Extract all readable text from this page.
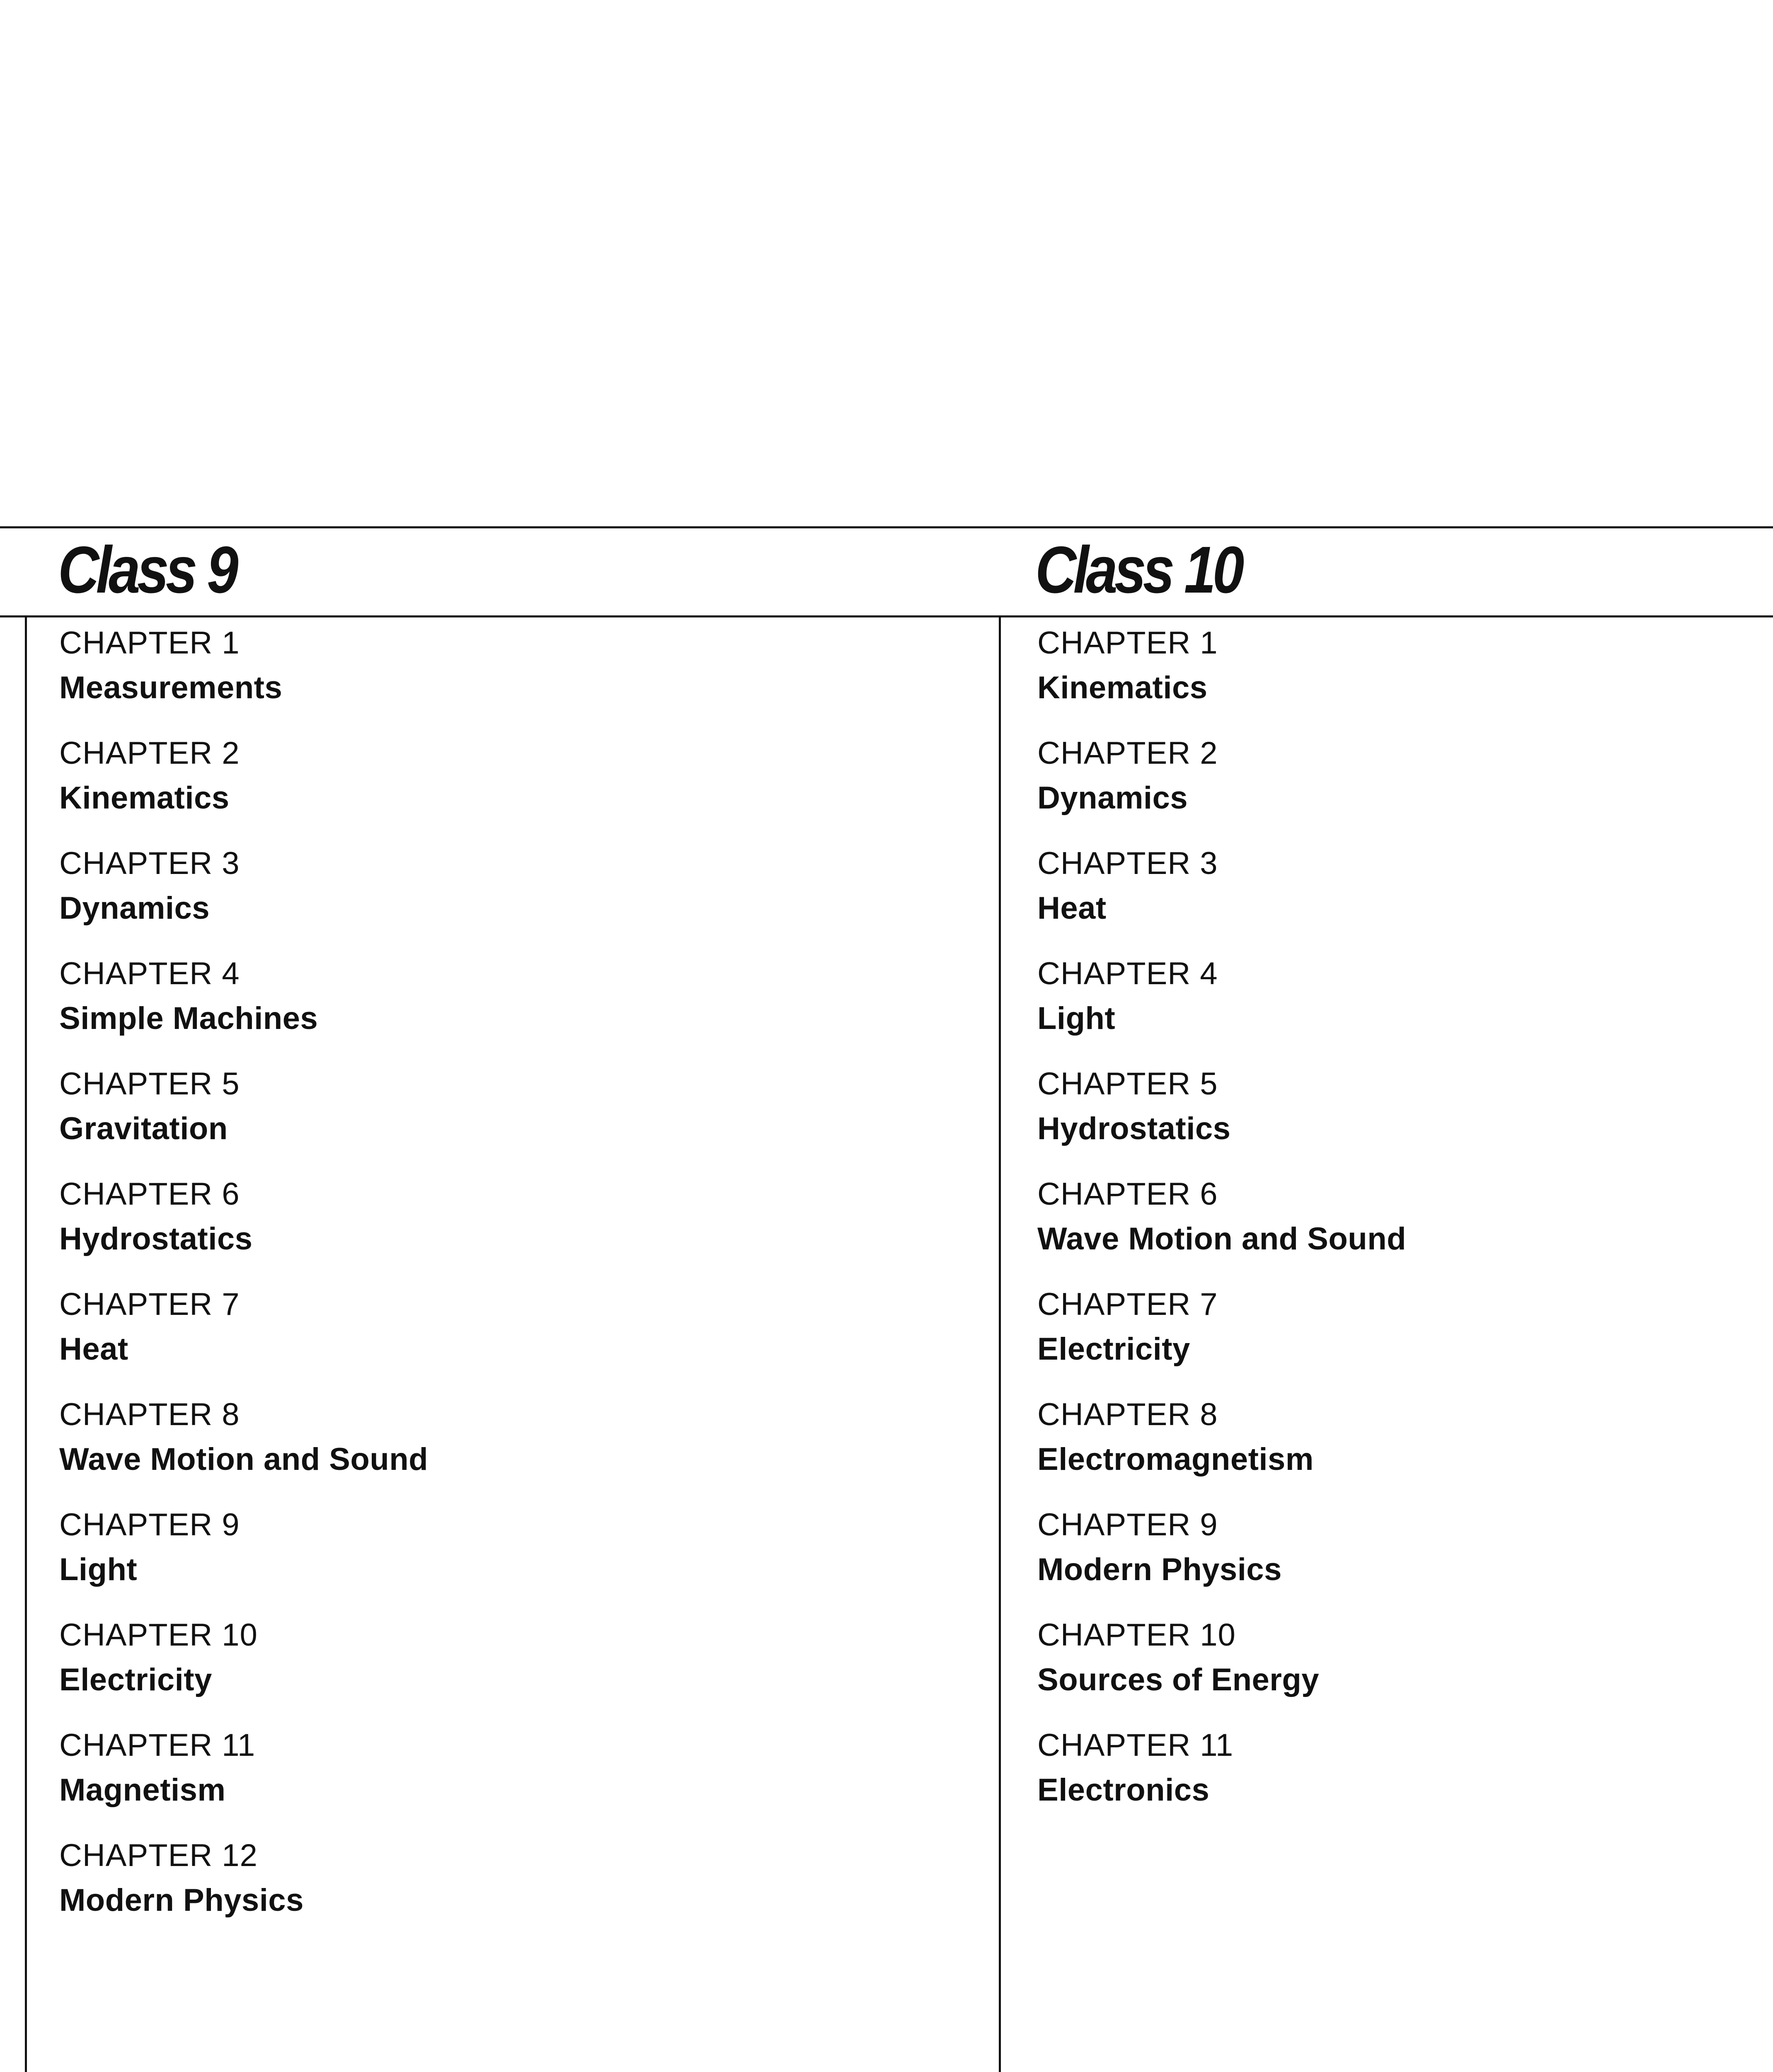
Class 9	Class 10
CHAPTER 1
Measurements
CHAPTER 2
Kinematics
CHAPTER 3
Dynamics
CHAPTER 4
Simple Machines
CHAPTER 5
Gravitation
CHAPTER 6
Hydrostatics
CHAPTER 7
Heat
CHAPTER 8
Wave Motion and Sound
CHAPTER 9
Light
CHAPTER 10
Electricity
CHAPTER 11
Magnetism
CHAPTER 12
Modern Physics
CHAPTER 1
Kinematics
CHAPTER 2
Dynamics
CHAPTER 3
Heat
CHAPTER 4
Light
CHAPTER 5
Hydrostatics
CHAPTER 6
Wave Motion and Sound
CHAPTER 7
Electricity
CHAPTER 8
Electromagnetism
CHAPTER 9
Modern Physics
CHAPTER 10
Sources of Energy
CHAPTER 11
Electronics
